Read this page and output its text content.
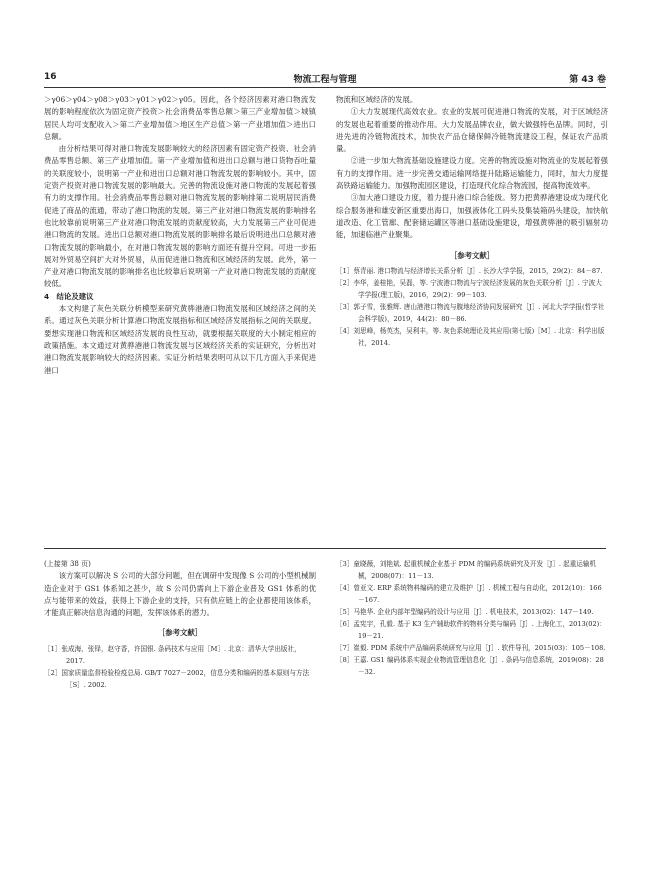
16	物流工程与管理	第 43 卷

＞γ06＞γ04＞γ08＞γ03＞γ01＞γ02＞γ05。因此，各个经济因素对港口物流发展的影响程度依次为固定资产投资＞社会消费品零售总额＞第三产业增加值＞城镇居民人均可支配收入＞第二产业增加值＞地区生产总值＞第一产业增加值＞进出口总额。

由分析结果可得对港口物流发展影响较大的经济因素有固定资产投资、社会消费品零售总额、第三产业增加值。第一产业增加值和进出口总额与港口货物吞吐量的关联度较小，说明第一产业和进出口总额对港口物流发展的影响较小。其中，固定资产投资对港口物流发展的影响最大。完善的物流设施对港口物流的发展起着强有力的支撑作用。社会消费品零售总额对港口物流发展的影响排第二说明居民消费促进了商品的流通，带动了港口物流的发展。第三产业对港口物流发展的影响排名也比较靠前说明第三产业对港口物流发展的贡献度较高，大力发展第三产业可促进港口物流的发展。进出口总额对港口物流发展的影响排名最后说明进出口总额对港口物流发展的影响最小，在对港口物流发展的影响方面还有提升空间。可进一步拓展对外贸易空间扩大对外贸易，从而促进港口物流和区域经济的发展。此外，第一产业对港口物流发展的影响排名也比较靠后说明第一产业对港口物流发展的贡献度较低。

4　结论及建议

本文构建了灰色关联分析模型来研究黄骅港港口物流发展和区域经济之间的关系。通过灰色关联分析计算港口物流发展指标和区域经济发展指标之间的关联度。要想实现港口物流和区域经济发展的良性互动，就要根据关联度的大小制定相应的政策措施。本文通过对黄骅港港口物流发展与区域经济关系的实证研究，分析出对港口物流发展影响较大的经济因素。实证分析结果表明可从以下几方面入手来促进港口

物流和区域经济的发展。

①大力发展现代高效农业。农业的发展可促进港口物流的发展，对于区域经济的发展也起着重要的推动作用。大力发展品牌农业，做大做强特色品牌。同时，引进先进的冷链物流技术，加快农产品仓储保鲜冷链物流建设工程，保证农产品质量。

②进一步加大物流基础设施建设力度。完善的物流设施对物流业的发展起着强有力的支撑作用。进一步完善交通运输网络提升陆路运输能力，同时，加大力度提高铁路运输能力。加强物流园区建设，打造现代化综合物流园，提高物流效率。

③加大港口建设力度，着力提升港口综合能级。努力把黄骅港建设成为现代化综合服务港和雄安新区重要出海口，加强液体化工码头及集装箱码头建设，加快航道改造、化工管廊、配套储运罐区等港口基础设施建设，增强黄骅港的吸引辐射功能，加速临港产业聚集。

［参考文献］
［1］蔡青丽. 港口物流与经济增长关系分析［J］. 长沙大学学报，2015，29(2)：84－87.
［2］李华，姜桂艳，吴磊，等. 宁波港口物流与宁波经济发展的灰色关联分析［J］. 宁波大学学报(理工版)，2016，29(2)：99－103.
［3］郭子雪，张雅辉. 唐山港港口物流与腹地经济协同发展研究［J］. 河北大学学报(哲学社会科学版)，2019，44(2)：80－86.
［4］刘思峰，杨英杰，吴利丰，等. 灰色系统理论及其应用(第七版)［M］. 北京：科学出版社，2014.

(上接第 38 页)

该方案可以解决 S 公司的大部分问题，但在调研中发现像 S 公司的小型机械制造企业对于 GS1 体系知之甚少，故 S 公司仍需向上下游企业普及 GS1 体系的优点与能带来的效益，获得上下游企业的支持，只有供应链上的企业都使用该体系，才能真正解决信息沟通的问题，发挥该体系的潜力。

［参考文献］
［1］张成海，张铎，赵守香，许国银. 条码技术与应用［M］. 北京：清华大学出版社，2017.
［2］国家质量监督检验检疫总局. GB/T 7027－2002，信息分类和编码的基本原则与方法［S］. 2002.
［3］童晓薇，刘艳斌. 起重机械企业基于 PDM 的编码系统研究及开发［J］. 起重运输机械，2008(07)：11－13.
［4］曾亚文. ERP 系统物料编码的建立及维护［J］. 机械工程与自动化，2012(10)：166－167.
［5］马艳华. 企业内部年型编码的设计与应用［J］. 机电技术，2013(02)：147－149.
［6］孟宪宇，孔毅. 基于 K3 生产辅助软件的物料分类与编码［J］. 上海化工，2013(02)：19－21.
［7］崔毅. PDM 系统中产品编码系统研究与应用［J］. 软件导刊，2015(03)：105－108.
［8］王嘉. GS1 编码体系实现企业物流管理信息化［J］. 条码与信息系统，2019(08)：28－32.
